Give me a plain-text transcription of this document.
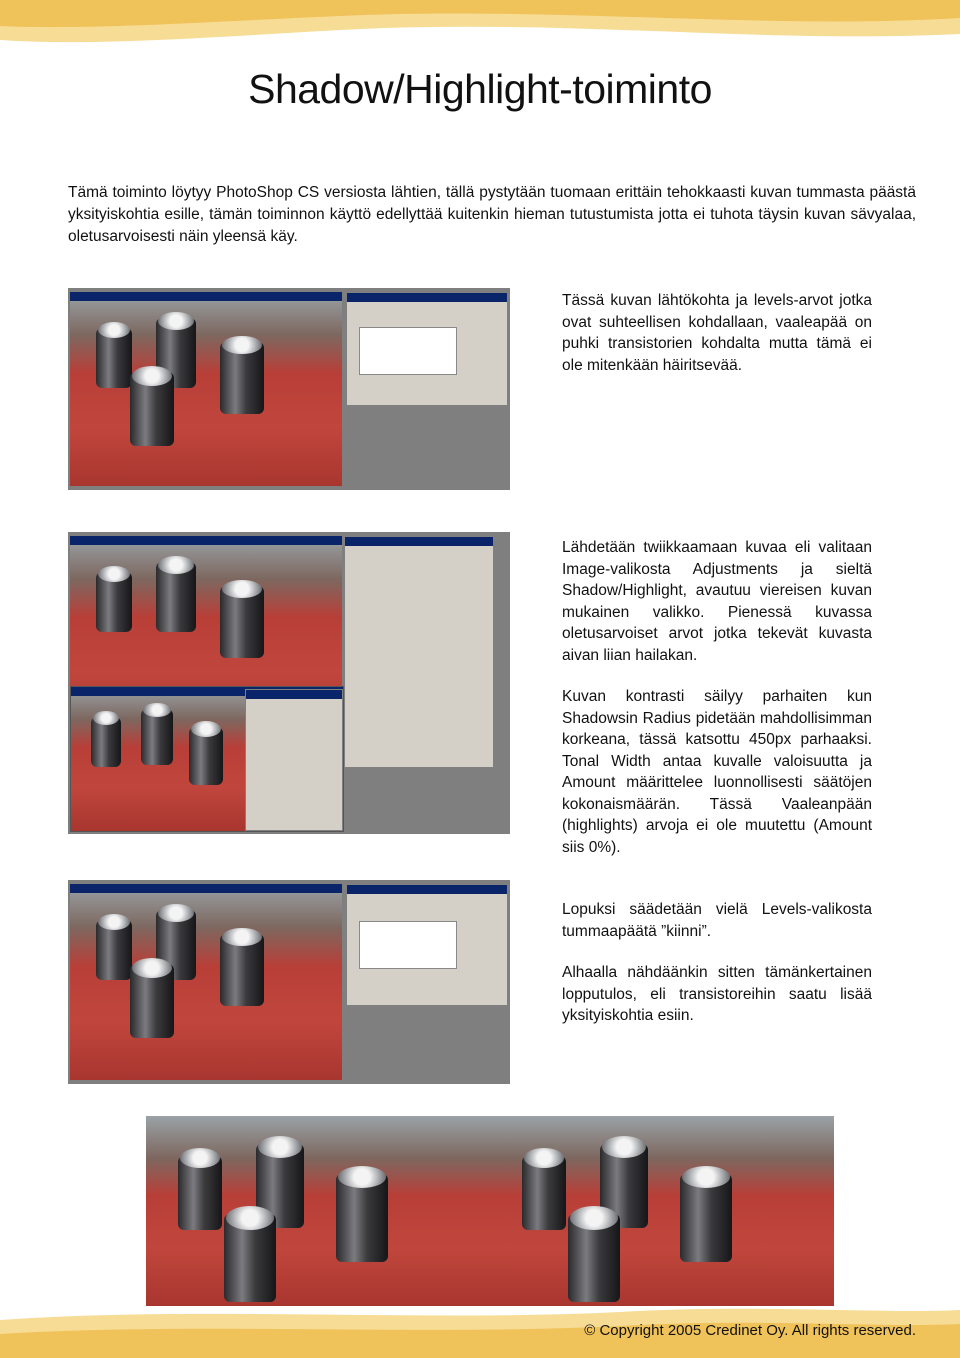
Shadow/Highlight-toiminto

Tämä toiminto löytyy PhotoShop CS versiosta lähtien, tällä pystytään tuomaan erittäin tehokkaasti kuvan tummasta päästä yksityiskohtia esille, tämän toiminnon käyttö edellyttää kuitenkin hieman tutustumista jotta ei tuhota täysin kuvan sävyalaa, oletusarvoisesti näin yleensä käy.

Tässä kuvan lähtökohta ja levels-arvot jotka ovat suhteellisen kohdallaan, vaaleapää on puhki transistorien kohdalta mutta tämä ei ole mitenkään häiritsevää.

Lähdetään twiikkaamaan kuvaa eli valitaan Image-valikosta Adjustments ja sieltä Shadow/Highlight, avautuu viereisen kuvan mukainen valikko. Pienessä kuvassa oletusarvoiset arvot jotka tekevät kuvasta aivan liian hailakan.

Kuvan kontrasti säilyy parhaiten kun Shadowsin Radius pidetään mahdollisimman korkeana, tässä katsottu 450px parhaaksi. Tonal Width antaa kuvalle valoisuutta ja Amount määrittelee luonnollisesti säätöjen kokonaismäärän. Tässä Vaaleanpään (highlights) arvoja ei ole muutettu (Amount siis 0%).

Lopuksi säädetään vielä Levels-valikosta tummaapäätä ”kiinni”.

Alhaalla nähdäänkin sitten tämänkertainen lopputulos, eli transistoreihin saatu lisää yksityiskohtia esiin.

© Copyright 2005 Credinet Oy. All rights reserved.
